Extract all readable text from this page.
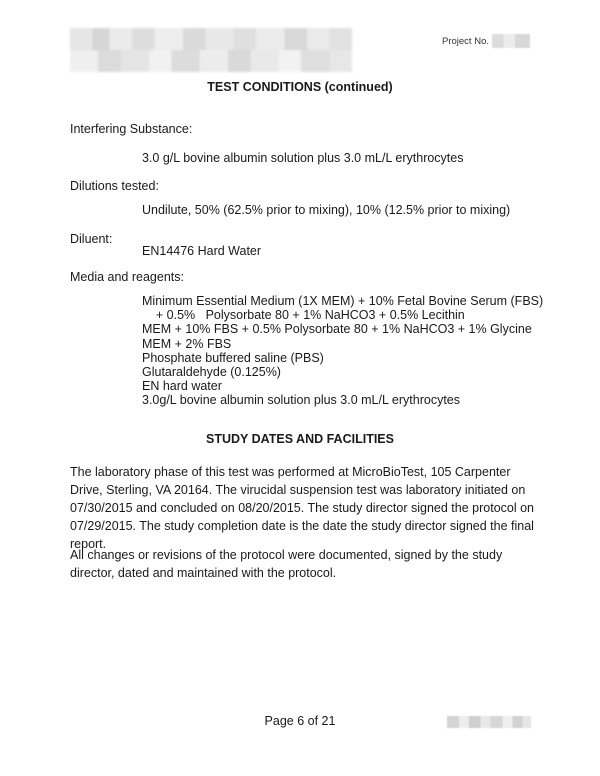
Project No.
TEST CONDITIONS (continued)

Interfering Substance:

3.0 g/L bovine albumin solution plus 3.0 mL/L erythrocytes

Dilutions tested:

Undilute, 50% (62.5% prior to mixing), 10% (12.5% prior to mixing)

Diluent:

EN14476 Hard Water

Media and reagents:

Minimum Essential Medium (1X MEM) + 10% Fetal Bovine Serum (FBS)
+ 0.5%   Polysorbate 80 + 1% NaHCO3 + 0.5% Lecithin
MEM + 10% FBS + 0.5% Polysorbate 80 + 1% NaHCO3 + 1% Glycine
MEM + 2% FBS
Phosphate buffered saline (PBS)
Glutaraldehyde (0.125%)
EN hard water
3.0g/L bovine albumin solution plus 3.0 mL/L erythrocytes
STUDY DATES AND FACILITIES

The laboratory phase of this test was performed at MicroBioTest, 105 Carpenter Drive, Sterling, VA 20164. The virucidal suspension test was laboratory initiated on 07/30/2015 and concluded on 08/20/2015. The study director signed the protocol on 07/29/2015. The study completion date is the date the study director signed the final report.

All changes or revisions of the protocol were documented, signed by the study director, dated and maintained with the protocol.

Page 6 of 21
